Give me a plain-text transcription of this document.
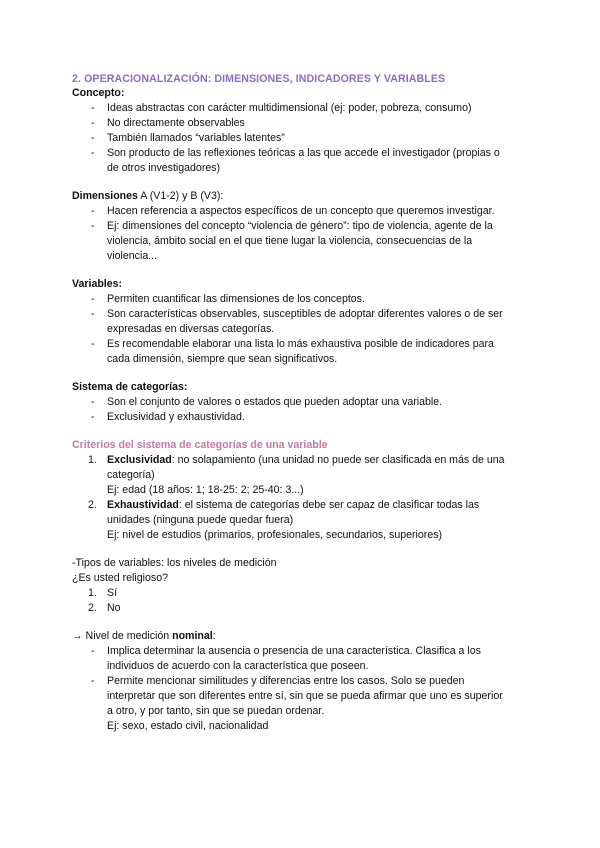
2. OPERACIONALIZACIÓN: DIMENSIONES, INDICADORES Y VARIABLES
Concepto:
- Ideas abstractas con carácter multidimensional (ej: poder, pobreza, consumo)
- No directamente observables
- También llamados “variables latentes”
- Son producto de las reflexiones teóricas a las que accede el investigador (propias o
de otros investigadores)
Dimensiones A (V1-2) y B (V3):
- Hacen referencia a aspectos específicos de un concepto que queremos investigar.
- Ej: dimensiones del concepto “violencia de género”: tipo de violencia, agente de la
violencia, ámbito social en el que tiene lugar la violencia, consecuencias de la
violencia...
Variables:
- Permiten cuantificar las dimensiones de los conceptos.
- Son características observables, susceptibles de adoptar diferentes valores o de ser
expresadas en diversas categorías.
- Es recomendable elaborar una lista lo más exhaustiva posible de indicadores para
cada dimensión, siempre que sean significativos.
Sistema de categorías:
- Son el conjunto de valores o estados que pueden adoptar una variable.
- Exclusividad y exhaustividad.
Criterios del sistema de categorías de una variable
1. Exclusividad: no solapamiento (una unidad no puede ser clasificada en más de una
categoría)
Ej: edad (18 años: 1; 18-25: 2; 25-40: 3...)
2. Exhaustividad: el sistema de categorías debe ser capaz de clasificar todas las
unidades (ninguna puede quedar fuera)
Ej: nivel de estudios (primarios, profesionales, secundarios, superiores)
-Tipos de variables: los niveles de medición
¿Es usted religioso?
1. Sí
2. No
→ Nivel de medición nominal:
- Implica determinar la ausencia o presencia de una característica. Clasifica a los
individuos de acuerdo con la característica que poseen.
- Permite mencionar similitudes y diferencias entre los casos. Solo se pueden
interpretar que son diferentes entre sí, sin que se pueda afirmar que uno es superior
a otro, y por tanto, sin que se puedan ordenar.
Ej: sexo, estado civil, nacionalidad
